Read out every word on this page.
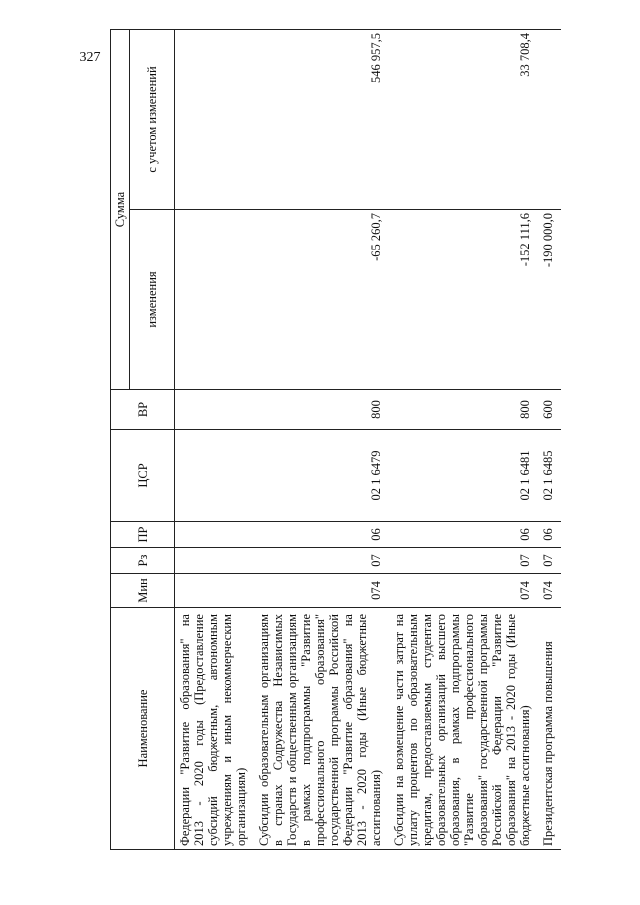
327
Наименование	Мин	Рз	ПР	ЦСР	ВР	Сумма	
						изменения	с учетом изменений
Федерации "Развитие образования" на 2013 - 2020 годы (Предоставление субсидий бюджетным, автономным учреждениям и иным некоммерческим организациям)							
Субсидии образовательным организациям в странах Содружества Независимых Государств и общественным организациям в рамках подпрограммы "Развитие профессионального образования" государственной программы Российской Федерации "Развитие образования" на 2013 - 2020 годы (Иные бюджетные ассигнования)	074	07	06	02 1 6479	800	-65 260,7	546 957,5
Субсидии на возмещение части затрат на уплату процентов по образовательным кредитам, предоставляемым студентам образовательных организаций высшего образования, в рамках подпрограммы "Развитие профессионального образования" государственной программы Российской Федерации "Развитие образования" на 2013 - 2020 годы (Иные бюджетные ассигнования)	074	07	06	02 1 6481	800	-152 111,6	33 708,4
Президентская программа повышения	074	07	06	02 1 6485	600	-190 000,0	
